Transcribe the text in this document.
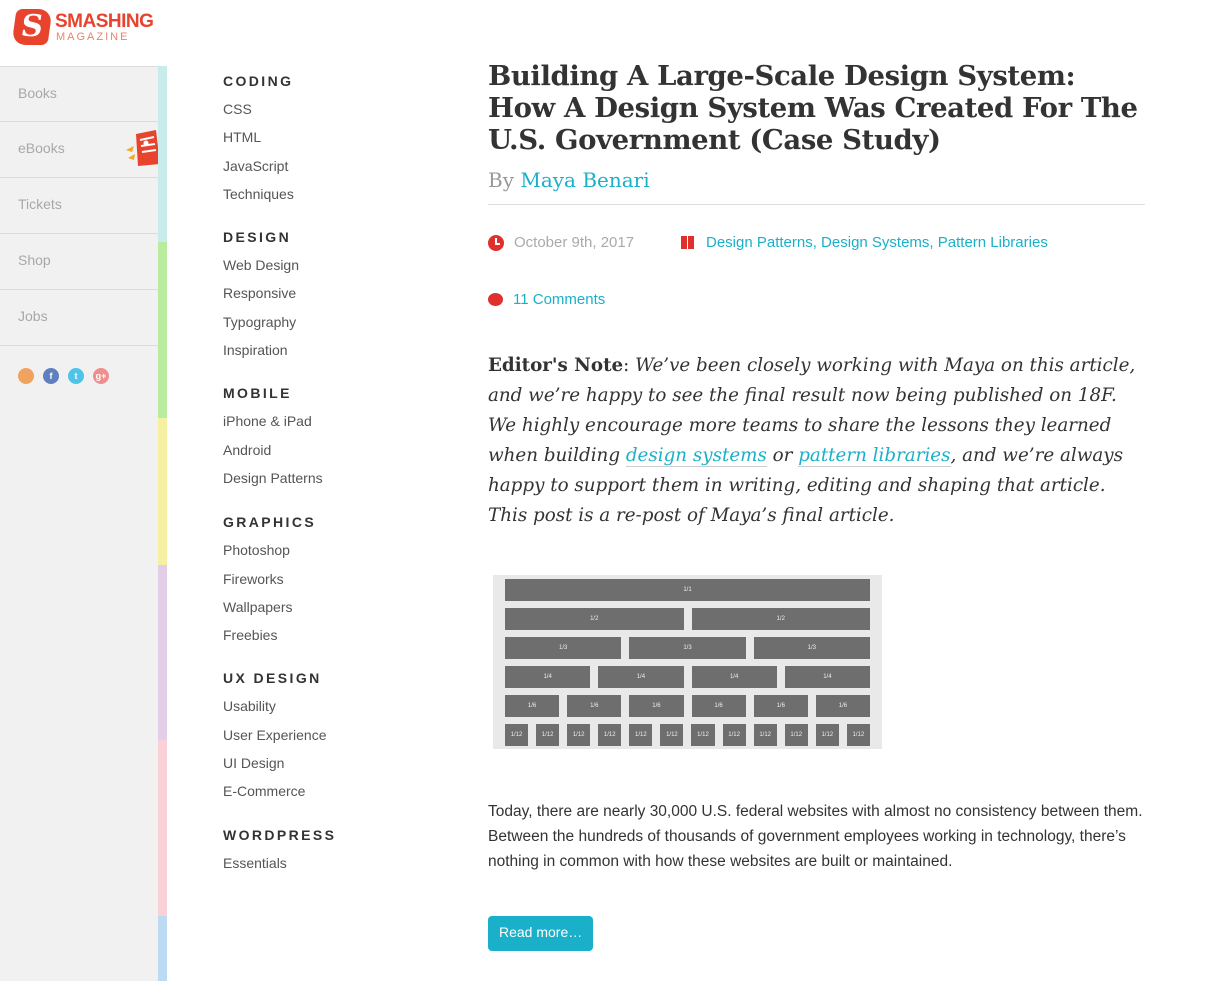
S SMASHING
MAGAZINE
Books
eBooks
Tickets
Shop
Jobs
f	t	g+
CODING
CSS
HTML
JavaScript
Techniques
DESIGN
Web Design
Responsive
Typography
Inspiration
MOBILE
iPhone & iPad
Android
Design Patterns
GRAPHICS
Photoshop
Fireworks
Wallpapers
Freebies
UX DESIGN
Usability
User Experience
UI Design
E-Commerce
WORDPRESS
Essentials
Building A Large-Scale Design System: How A Design System Was Created For The U.S. Government (Case Study)
By Maya Benari
October 9th, 2017	Design Patterns, Design Systems, Pattern Libraries
11 Comments

Editor's Note: We’ve been closely working with Maya on this article, and we’re happy to see the final result now being published on 18F. We highly encourage more teams to share the lessons they learned when building design systems or pattern libraries, and we’re always happy to support them in writing, editing and shaping that article. This post is a re-post of Maya’s final article.

1/1
1/2	1/2
1/3	1/3	1/3
1/4	1/4	1/4	1/4
1/6	1/6	1/6	1/6	1/6	1/6
1/12	1/12	1/12	1/12	1/12	1/12	1/12	1/12	1/12	1/12	1/12	1/12

Today, there are nearly 30,000 U.S. federal websites with almost no consistency between them. Between the hundreds of thousands of government employees working in technology, there’s nothing in common with how these websites are built or maintained.

Read more…
